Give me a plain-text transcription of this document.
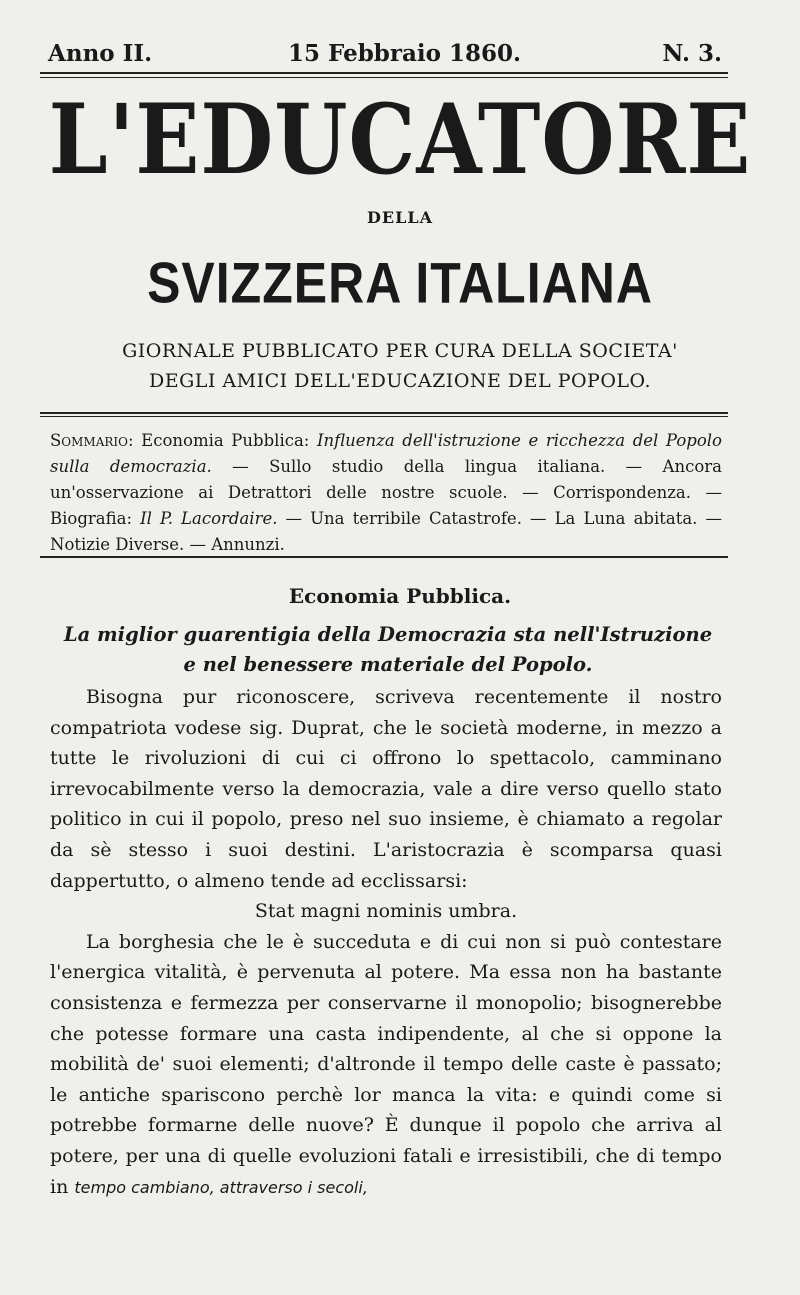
Anno II.	15 Febbraio 1860.	N. 3.
L'EDUCATORE
DELLA
SVIZZERA ITALIANA
GIORNALE PUBBLICATO PER CURA DELLA SOCIETA'
DEGLI AMICI DELL'EDUCAZIONE DEL POPOLO.
Sommario: Economia Pubblica: Influenza dell'istruzione e ricchezza del Popolo sulla democrazia. — Sullo studio della lingua italiana. — Ancora un'osservazione ai Detrattori delle nostre scuole. — Corrispondenza. — Biografia: Il P. Lacordaire. — Una terribile Catastrofe. — La Luna abitata. — Notizie Diverse. — Annunzi.
Economia Pubblica.
La miglior guarentigia della Democrazia sta nell'Istruzione e nel benessere materiale del Popolo.

Bisogna pur riconoscere, scriveva recentemente il nostro compatriota vodese sig. Duprat, che le società moderne, in mezzo a tutte le rivoluzioni di cui ci offrono lo spettacolo, camminano irrevocabilmente verso la democrazia, vale a dire verso quello stato politico in cui il popolo, preso nel suo insieme, è chiamato a regolar da sè stesso i suoi destini. L'aristocrazia è scomparsa quasi dappertutto, o almeno tende ad ecclissarsi:

Stat magni nominis umbra.

La borghesia che le è succeduta e di cui non si può contestare l'energica vitalità, è pervenuta al potere. Ma essa non ha bastante consistenza e fermezza per conservarne il monopolio; bisognerebbe che potesse formare una casta indipendente, al che si oppone la mobilità de' suoi elementi; d'altronde il tempo delle caste è passato; le antiche spariscono perchè lor manca la vita: e quindi come si potrebbe formarne delle nuove? È dunque il popolo che arriva al potere, per una di quelle evoluzioni fatali e irresistibili, che di tempo in tempo cambiano, attraverso i secoli,
